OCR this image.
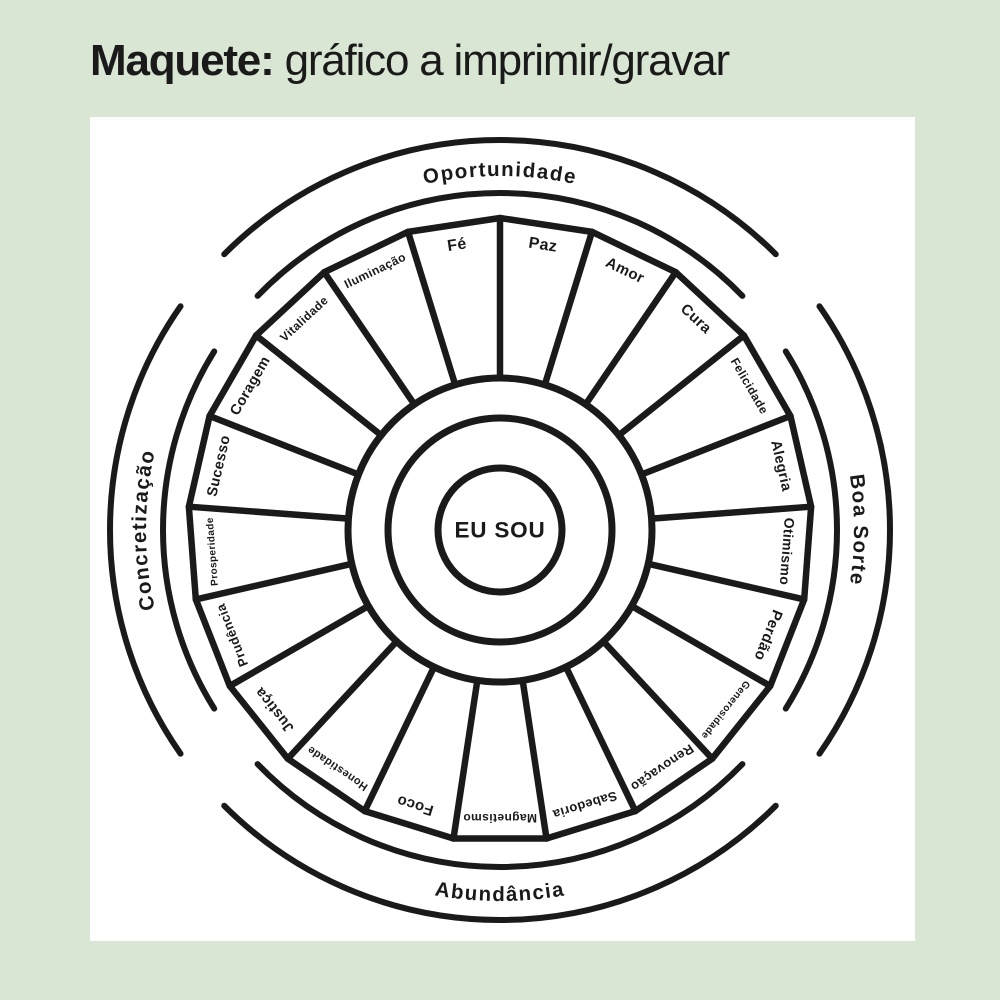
Maquete: gráfico a imprimir/gravar
Oportunidade
Boa Sorte
Concretização
Abundância
Paz
Amor
Cura
Felicidade
Alegria
Otimismo
Perdão
Generosidade
Renovação
Sabedoria
Magnetismo
Foco
Honestidade
Justiça
Prudência
Prosperidade
Sucesso
Coragem
Vitalidade
Iluminação
Fé
EU SOU
